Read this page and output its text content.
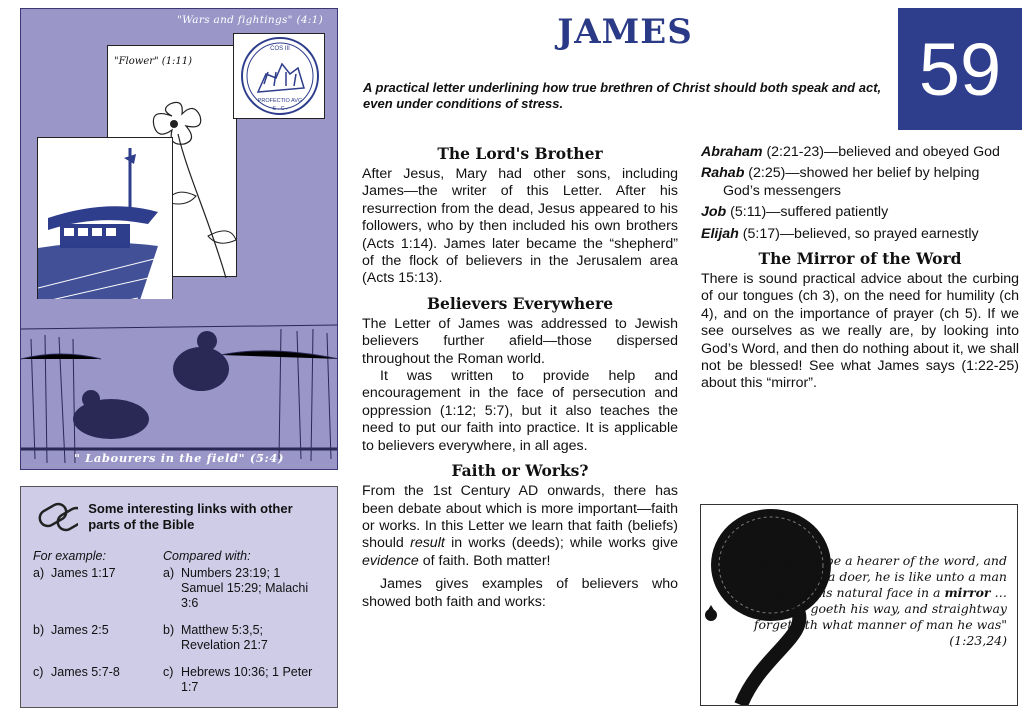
"Wars and fightings" (4:1)
"Flower" (1:11)
COS III
PROFECTIO AVG
S . C .
" Labourers in the field" (5:4)
Some interesting links with other parts of the Bible
For example:	Compared with:
a) James 1:17	a) Numbers 23:19; 1 Samuel 15:29; Malachi 3:6
b) James 2:5	b) Matthew 5:3,5; Revelation 21:7
c) James 5:7-8	c) Hebrews 10:36; 1 Peter 1:7
JAMES
A practical letter underlining how true brethren of Christ should both speak and act, even under conditions of stress.	59
The Lord's Brother
After Jesus, Mary had other sons, including James—the writer of this Letter. After his resurrection from the dead, Jesus appeared to his followers, who by then included his own brothers (Acts 1:14). James later became the “shepherd” of the flock of believers in the Jerusalem area (Acts 15:13).
Believers Everywhere
The Letter of James was addressed to Jewish believers further afield—those dispersed throughout the Roman world.
It was written to provide help and encouragement in the face of persecution and oppression (1:12; 5:7), but it also teaches the need to put our faith into practice. It is applicable to believers everywhere, in all ages.
Faith or Works?
From the 1st Century AD onwards, there has been debate about which is more important—faith or works. In this Letter we learn that faith (beliefs) should result in works (deeds); while works give evidence of faith. Both matter!
James gives examples of believers who showed both faith and works:
Abraham (2:21-23)—believed and obeyed God
Rahab (2:25)—showed her belief by helping God’s messengers
Job (5:11)—suffered patiently
Elijah (5:17)—believed, so prayed earnestly
The Mirror of the Word
There is sound practical advice about the curbing of our tongues (ch 3), on the need for humility (ch 4), and on the importance of prayer (ch 5). If we see ourselves as we really are, by looking into God’s Word, and then do nothing about it, we shall not be blessed! See what James says (1:22-25) about this “mirror”.
"If any one be a hearer of the word, and not a doer, he is like unto a man beholding his natural face in a mirror … he goeth his way, and straightway forgetteth what manner of man he was" (1:23,24)
